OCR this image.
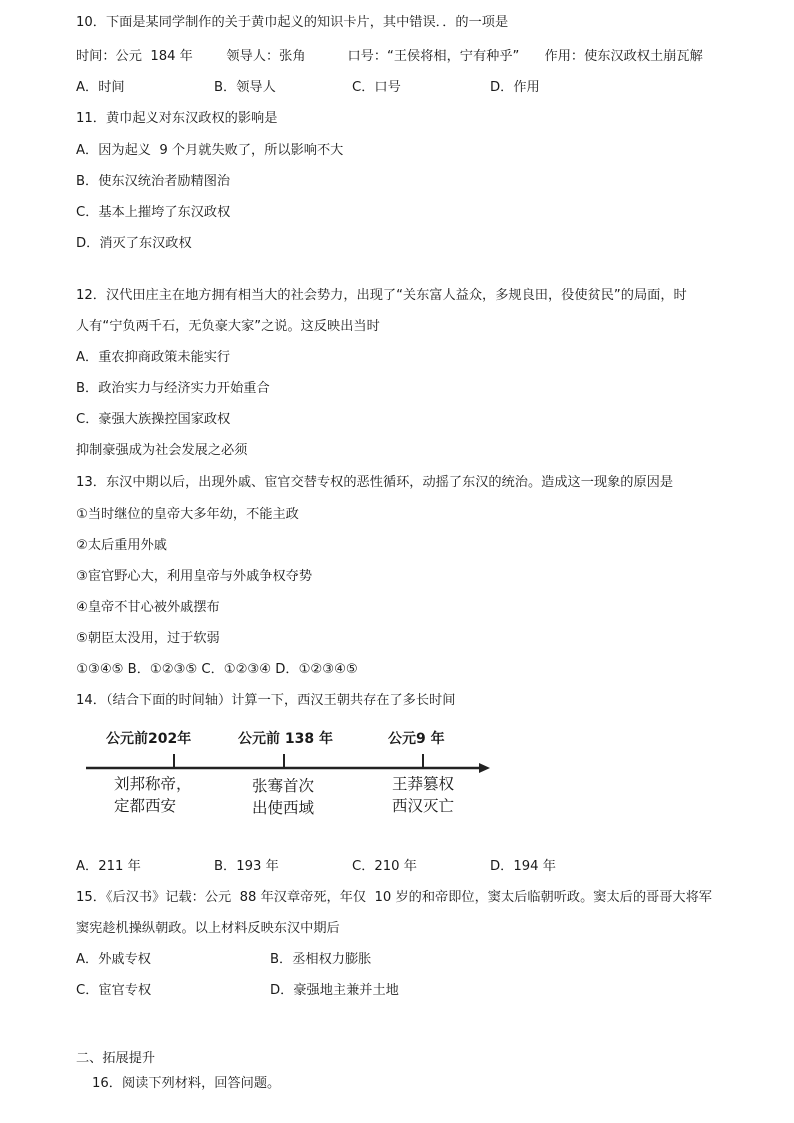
10．下面是某同学制作的关于黄巾起义的知识卡片，其中错误．．的一项是
时间：公元  184 年        领导人：张角          口号：“王侯将相，宁有种乎”      作用：使东汉政权土崩瓦解
A．时间	B．领导人	C．口号	D．作用
11．黄巾起义对东汉政权的影响是
A．因为起义  9 个月就失败了，所以影响不大
B．使东汉统治者励精图治
C．基本上摧垮了东汉政权
D．消灭了东汉政权
12．汉代田庄主在地方拥有相当大的社会势力，出现了“关东富人益众，多规良田，役使贫民”的局面，时
人有“宁负两千石，无负豪大家”之说。这反映出当时
A．重农抑商政策未能实行
B．政治实力与经济实力开始重合
C．豪强大族操控国家政权
抑制豪强成为社会发展之必须
13．东汉中期以后，出现外戚、宦官交替专权的恶性循环，动摇了东汉的统治。造成这一现象的原因是
①当时继位的皇帝大多年幼，不能主政
②太后重用外戚
③宦官野心大，利用皇帝与外戚争权夺势
④皇帝不甘心被外戚摆布
⑤朝臣太没用，过于软弱
①③④⑤ B．①②③⑤ C．①②③④ D．①②③④⑤
14．（结合下面的时间轴）计算一下，西汉王朝共存在了多长时间
公元前202年	公元前 138 年	公元9 年
刘邦称帝，
定都西安
张骞首次
出使西域
王莽篡权
西汉灭亡
A．211 年	B．193 年	C．210 年	D．194 年
15．《后汉书》记载：公元  88 年汉章帝死，年仅  10 岁的和帝即位，窦太后临朝听政。窦太后的哥哥大将军
窦宪趁机操纵朝政。以上材料反映东汉中期后
A．外戚专权	B．丞相权力膨胀
C．宦官专权	D．豪强地主兼并土地
二、拓展提升
16．阅读下列材料，回答问题。
